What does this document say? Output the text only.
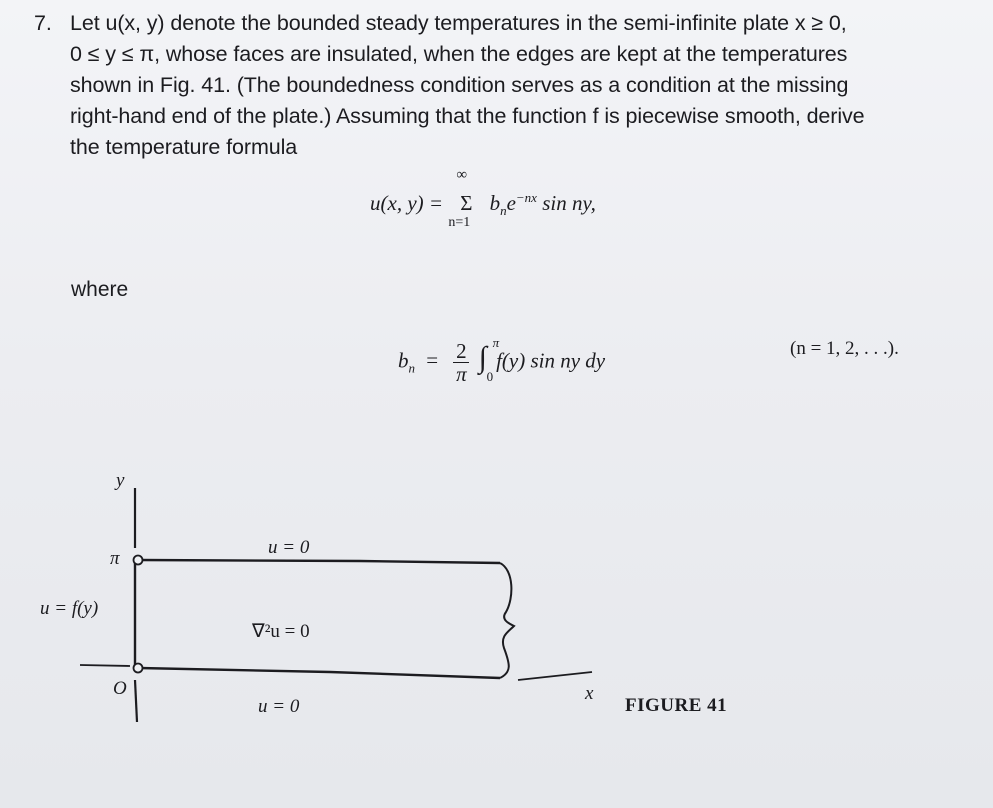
7. Let u(x, y) denote the bounded steady temperatures in the semi-infinite plate x ≥ 0,
0 ≤ y ≤ π, whose faces are insulated, when the edges are kept at the temperatures
shown in Fig. 41. (The boundedness condition serves as a condition at the missing
right-hand end of the plate.) Assuming that the function f is piecewise smooth, derive
the temperature formula
u(x, y) =
∞
Σ
n=1
$b_ne^{-nx}$ sin ny,
where
$b_n = \frac{2}{\pi}$ ∫ π
0
f(y) sin ny dy	(n = 1, 2, . . .).
y
π
u = 0
u = f(y)
∇²u = 0
O
u = 0
x
FIGURE 41
